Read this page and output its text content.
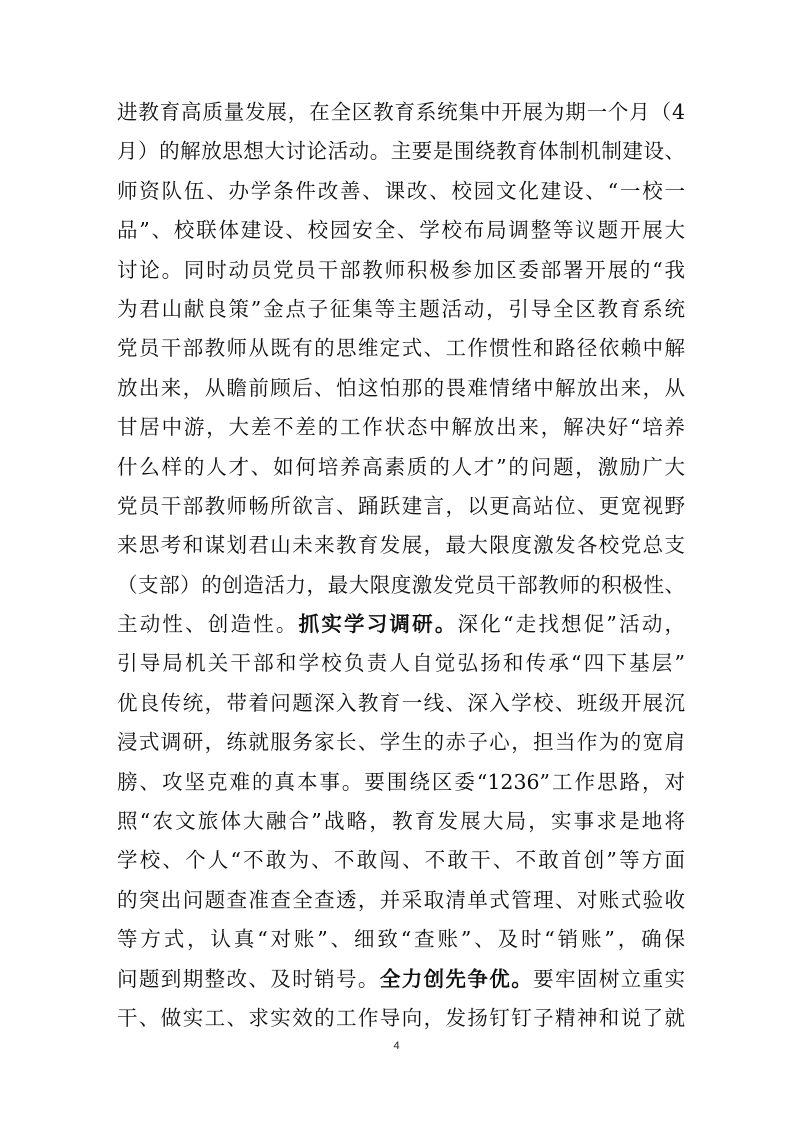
进教育高质量发展，在全区教育系统集中开展为期一个月（4
月）的解放思想大讨论活动。主要是围绕教育体制机制建设、
师资队伍、办学条件改善、课改、校园文化建设、“一校一
品”、校联体建设、校园安全、学校布局调整等议题开展大
讨论。同时动员党员干部教师积极参加区委部署开展的“我
为君山献良策”金点子征集等主题活动，引导全区教育系统
党员干部教师从既有的思维定式、工作惯性和路径依赖中解
放出来，从瞻前顾后、怕这怕那的畏难情绪中解放出来，从
甘居中游，大差不差的工作状态中解放出来，解决好“培养
什么样的人才、如何培养高素质的人才”的问题，激励广大
党员干部教师畅所欲言、踊跃建言，以更高站位、更宽视野
来思考和谋划君山未来教育发展，最大限度激发各校党总支
（支部）的创造活力，最大限度激发党员干部教师的积极性、
主动性、创造性。抓实学习调研。深化“走找想促”活动，
引导局机关干部和学校负责人自觉弘扬和传承“四下基层”
优良传统，带着问题深入教育一线、深入学校、班级开展沉
浸式调研，练就服务家长、学生的赤子心，担当作为的宽肩
膀、攻坚克难的真本事。要围绕区委“1236”工作思路，对
照“农文旅体大融合”战略，教育发展大局，实事求是地将
学校、个人“不敢为、不敢闯、不敢干、不敢首创”等方面
的突出问题查准查全查透，并采取清单式管理、对账式验收
等方式，认真“对账”、细致“查账”、及时“销账”，确保
问题到期整改、及时销号。全力创先争优。要牢固树立重实
干、做实工、求实效的工作导向，发扬钉钉子精神和说了就
4
